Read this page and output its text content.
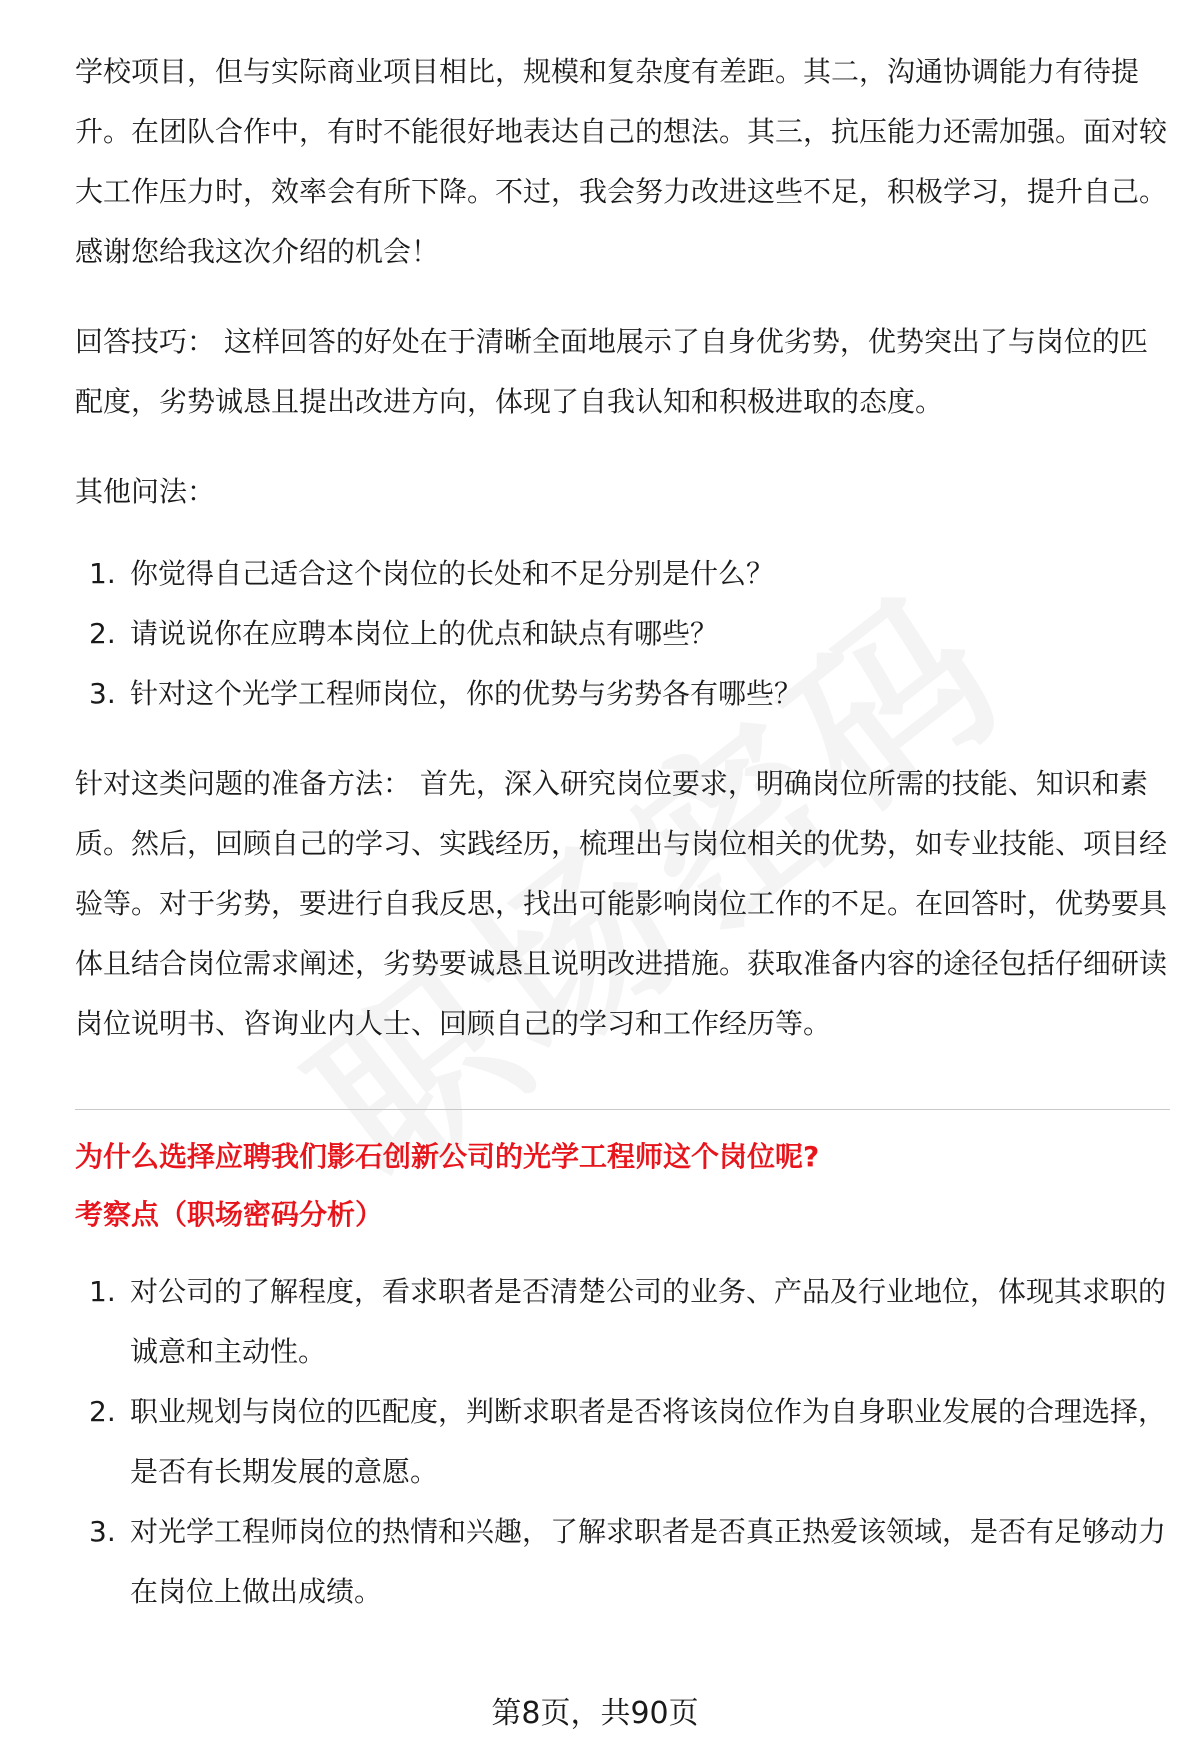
学校项目，但与实际商业项目相比，规模和复杂度有差距。其二，沟通协调能力有待提升。在团队合作中，有时不能很好地表达自己的想法。其三，抗压能力还需加强。面对较大工作压力时，效率会有所下降。不过，我会努力改进这些不足，积极学习，提升自己。感谢您给我这次介绍的机会！

回答技巧： 这样回答的好处在于清晰全面地展示了自身优劣势，优势突出了与岗位的匹配度，劣势诚恳且提出改进方向，体现了自我认知和积极进取的态度。

其他问法：

1. 你觉得自己适合这个岗位的长处和不足分别是什么？
2. 请说说你在应聘本岗位上的优点和缺点有哪些？
3. 针对这个光学工程师岗位，你的优势与劣势各有哪些？

针对这类问题的准备方法： 首先，深入研究岗位要求，明确岗位所需的技能、知识和素质。然后，回顾自己的学习、实践经历，梳理出与岗位相关的优势，如专业技能、项目经验等。对于劣势，要进行自我反思，找出可能影响岗位工作的不足。在回答时，优势要具体且结合岗位需求阐述，劣势要诚恳且说明改进措施。获取准备内容的途径包括仔细研读岗位说明书、咨询业内人士、回顾自己的学习和工作经历等。

为什么选择应聘我们影石创新公司的光学工程师这个岗位呢?

考察点（职场密码分析）

1. 对公司的了解程度，看求职者是否清楚公司的业务、产品及行业地位，体现其求职的诚意和主动性。
2. 职业规划与岗位的匹配度，判断求职者是否将该岗位作为自身职业发展的合理选择，是否有长期发展的意愿。
3. 对光学工程师岗位的热情和兴趣，了解求职者是否真正热爱该领域，是否有足够动力在岗位上做出成绩。
第8页，共90页
